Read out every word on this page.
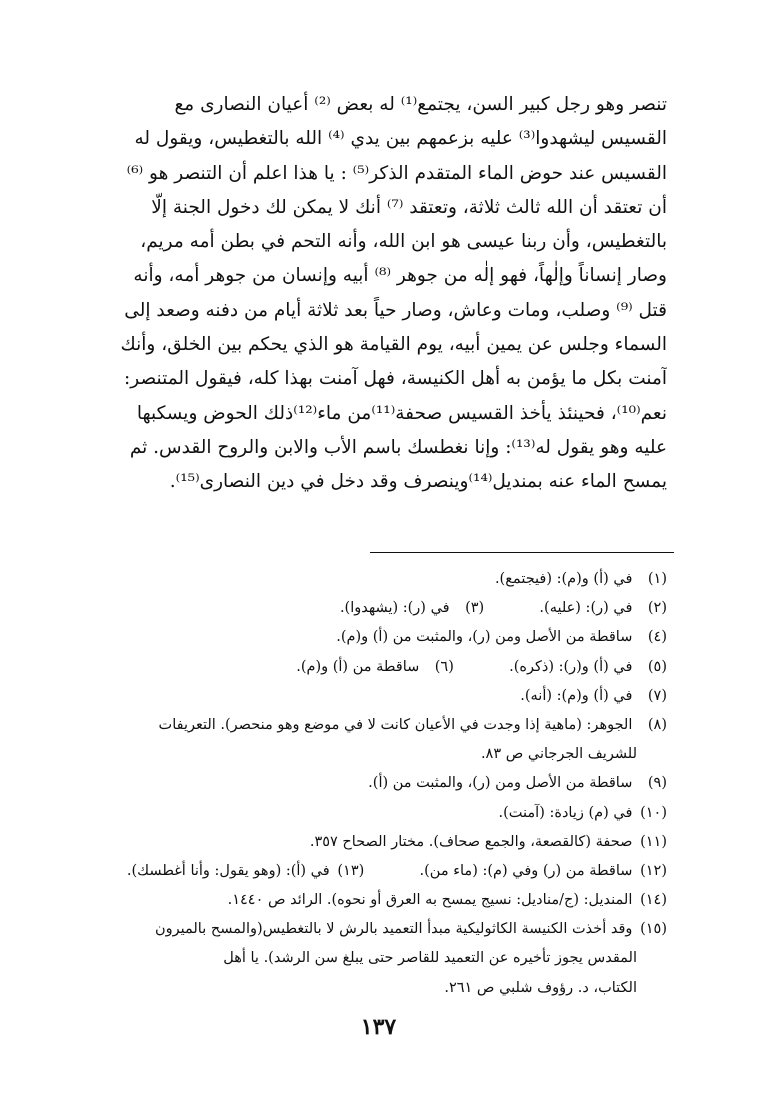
تنصر وهو رجل كبير السن، يجتمع⁽¹⁾ له بعض ⁽²⁾ أعيان النصارى مع
القسيس ليشهدوا⁽³⁾ عليه بزعمهم بين يدي ⁽⁴⁾ الله بالتغطيس، ويقول له
القسيس عند حوض الماء المتقدم الذكر⁽⁵⁾ : يا هذا اعلم أن التنصر هو ⁽⁶⁾
أن تعتقد أن الله ثالث ثلاثة، وتعتقد ⁽⁷⁾ أنك لا يمكن لك دخول الجنة إلّا
بالتغطيس، وأن ربنا عيسى هو ابن الله، وأنه التحم في بطن أمه مريم،
وصار إنساناً وإلٰهاً، فهو إلٰه من جوهر ⁽⁸⁾ أبيه وإنسان من جوهر أمه، وأنه
قتل ⁽⁹⁾ وصلب، ومات وعاش، وصار حياً بعد ثلاثة أيام من دفنه وصعد إلى
السماء وجلس عن يمين أبيه، يوم القيامة هو الذي يحكم بين الخلق، وأنك
آمنت بكل ما يؤمن به أهل الكنيسة، فهل آمنت بهذا كله، فيقول المتنصر:
نعم⁽¹⁰⁾، فحينئذ يأخذ القسيس صحفة⁽¹¹⁾من ماء⁽¹²⁾ذلك الحوض ويسكبها
عليه وهو يقول له⁽¹³⁾: وإنا نغطسك باسم الأب والابن والروح القدس. ثم
يمسح الماء عنه بمنديل⁽¹⁴⁾وينصرف وقد دخل في دين النصارى⁽¹⁵⁾.
(١) في (أ) و(م): (فيجتمع).
(٢) في (ر): (عليه).  (٣) في (ر): (يشهدوا).
(٤) ساقطة من الأصل ومن (ر)، والمثبت من (أ) و(م).
(٥) في (أ) و(ر): (ذكره).  (٦) ساقطة من (أ) و(م).
(٧) في (أ) و(م): (أنه).
(٨) الجوهر: (ماهية إذا وجدت في الأعيان كانت لا في موضع وهو منحصر). التعريفات
للشريف الجرجاني ص ٨٣.
(٩) ساقطة من الأصل ومن (ر)، والمثبت من (أ).
(١٠) في (م) زيادة: (آمنت).
(١١) صحفة (كالقصعة، والجمع صحاف). مختار الصحاح ٣٥٧.
(١٢) ساقطة من (ر) وفي (م): (ماء من).  (١٣) في (أ): (وهو يقول: وأنا أغطسك).
(١٤) المنديل: (ج/مناديل: نسيج يمسح به العرق أو نحوه). الرائد ص ١٤٤٠.
(١٥) وقد أخذت الكنيسة الكاثوليكية مبدأ التعميد بالرش لا بالتغطيس(والمسح بالميرون
المقدس يجوز تأخيره عن التعميد للقاصر حتى يبلغ سن الرشد). يا أهل
الكتاب، د. رؤوف شلبي ص ٢٦١.
١٣٧
